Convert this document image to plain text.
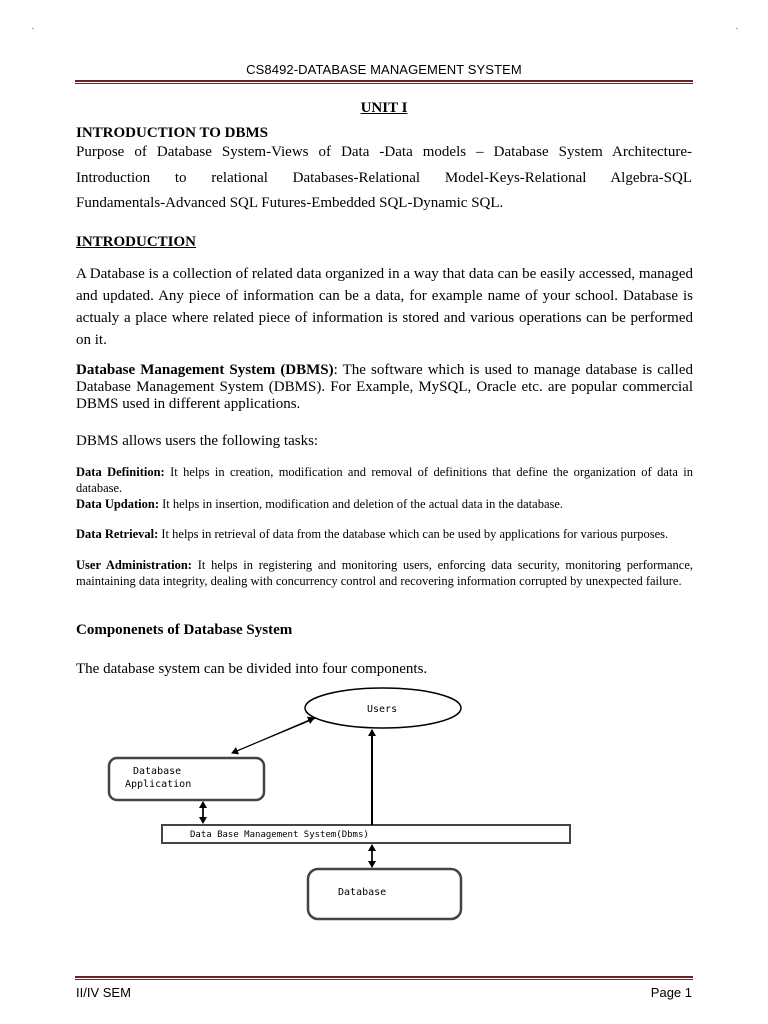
.	.
CS8492-DATABASE MANAGEMENT SYSTEM
UNIT I
INTRODUCTION TO DBMS
Purpose of Database System-Views of Data -Data models – Database System Architecture-
Introduction to relational Databases-Relational Model-Keys-Relational Algebra-SQL
Fundamentals-Advanced SQL Futures-Embedded SQL-Dynamic SQL.
INTRODUCTION
A Database is a collection of related data organized in a way that data can be easily accessed, managed and updated. Any piece of information can be a data, for example name of your school. Database is actualy a place where related piece of information is stored and various operations can be performed on it.
Database Management System (DBMS): The software which is used to manage database is called Database Management System (DBMS). For Example, MySQL, Oracle etc. are popular commercial DBMS used in different applications.
DBMS allows users the following tasks:
Data Definition: It helps in creation, modification and removal of definitions that define the organization of data in database.
Data Updation: It helps in insertion, modification and deletion of the actual data in the database.
Data Retrieval: It helps in retrieval of data from the database which can be used by applications for various purposes.
User Administration: It helps in registering and monitoring users, enforcing data security, monitoring performance, maintaining data integrity, dealing with concurrency control and recovering information corrupted by unexpected failure.
Componenets of Database System
The database system can be divided into four components.
Users
Database
Application
Data Base Management System(Dbms)
Database
II/IV SEM	Page 1
